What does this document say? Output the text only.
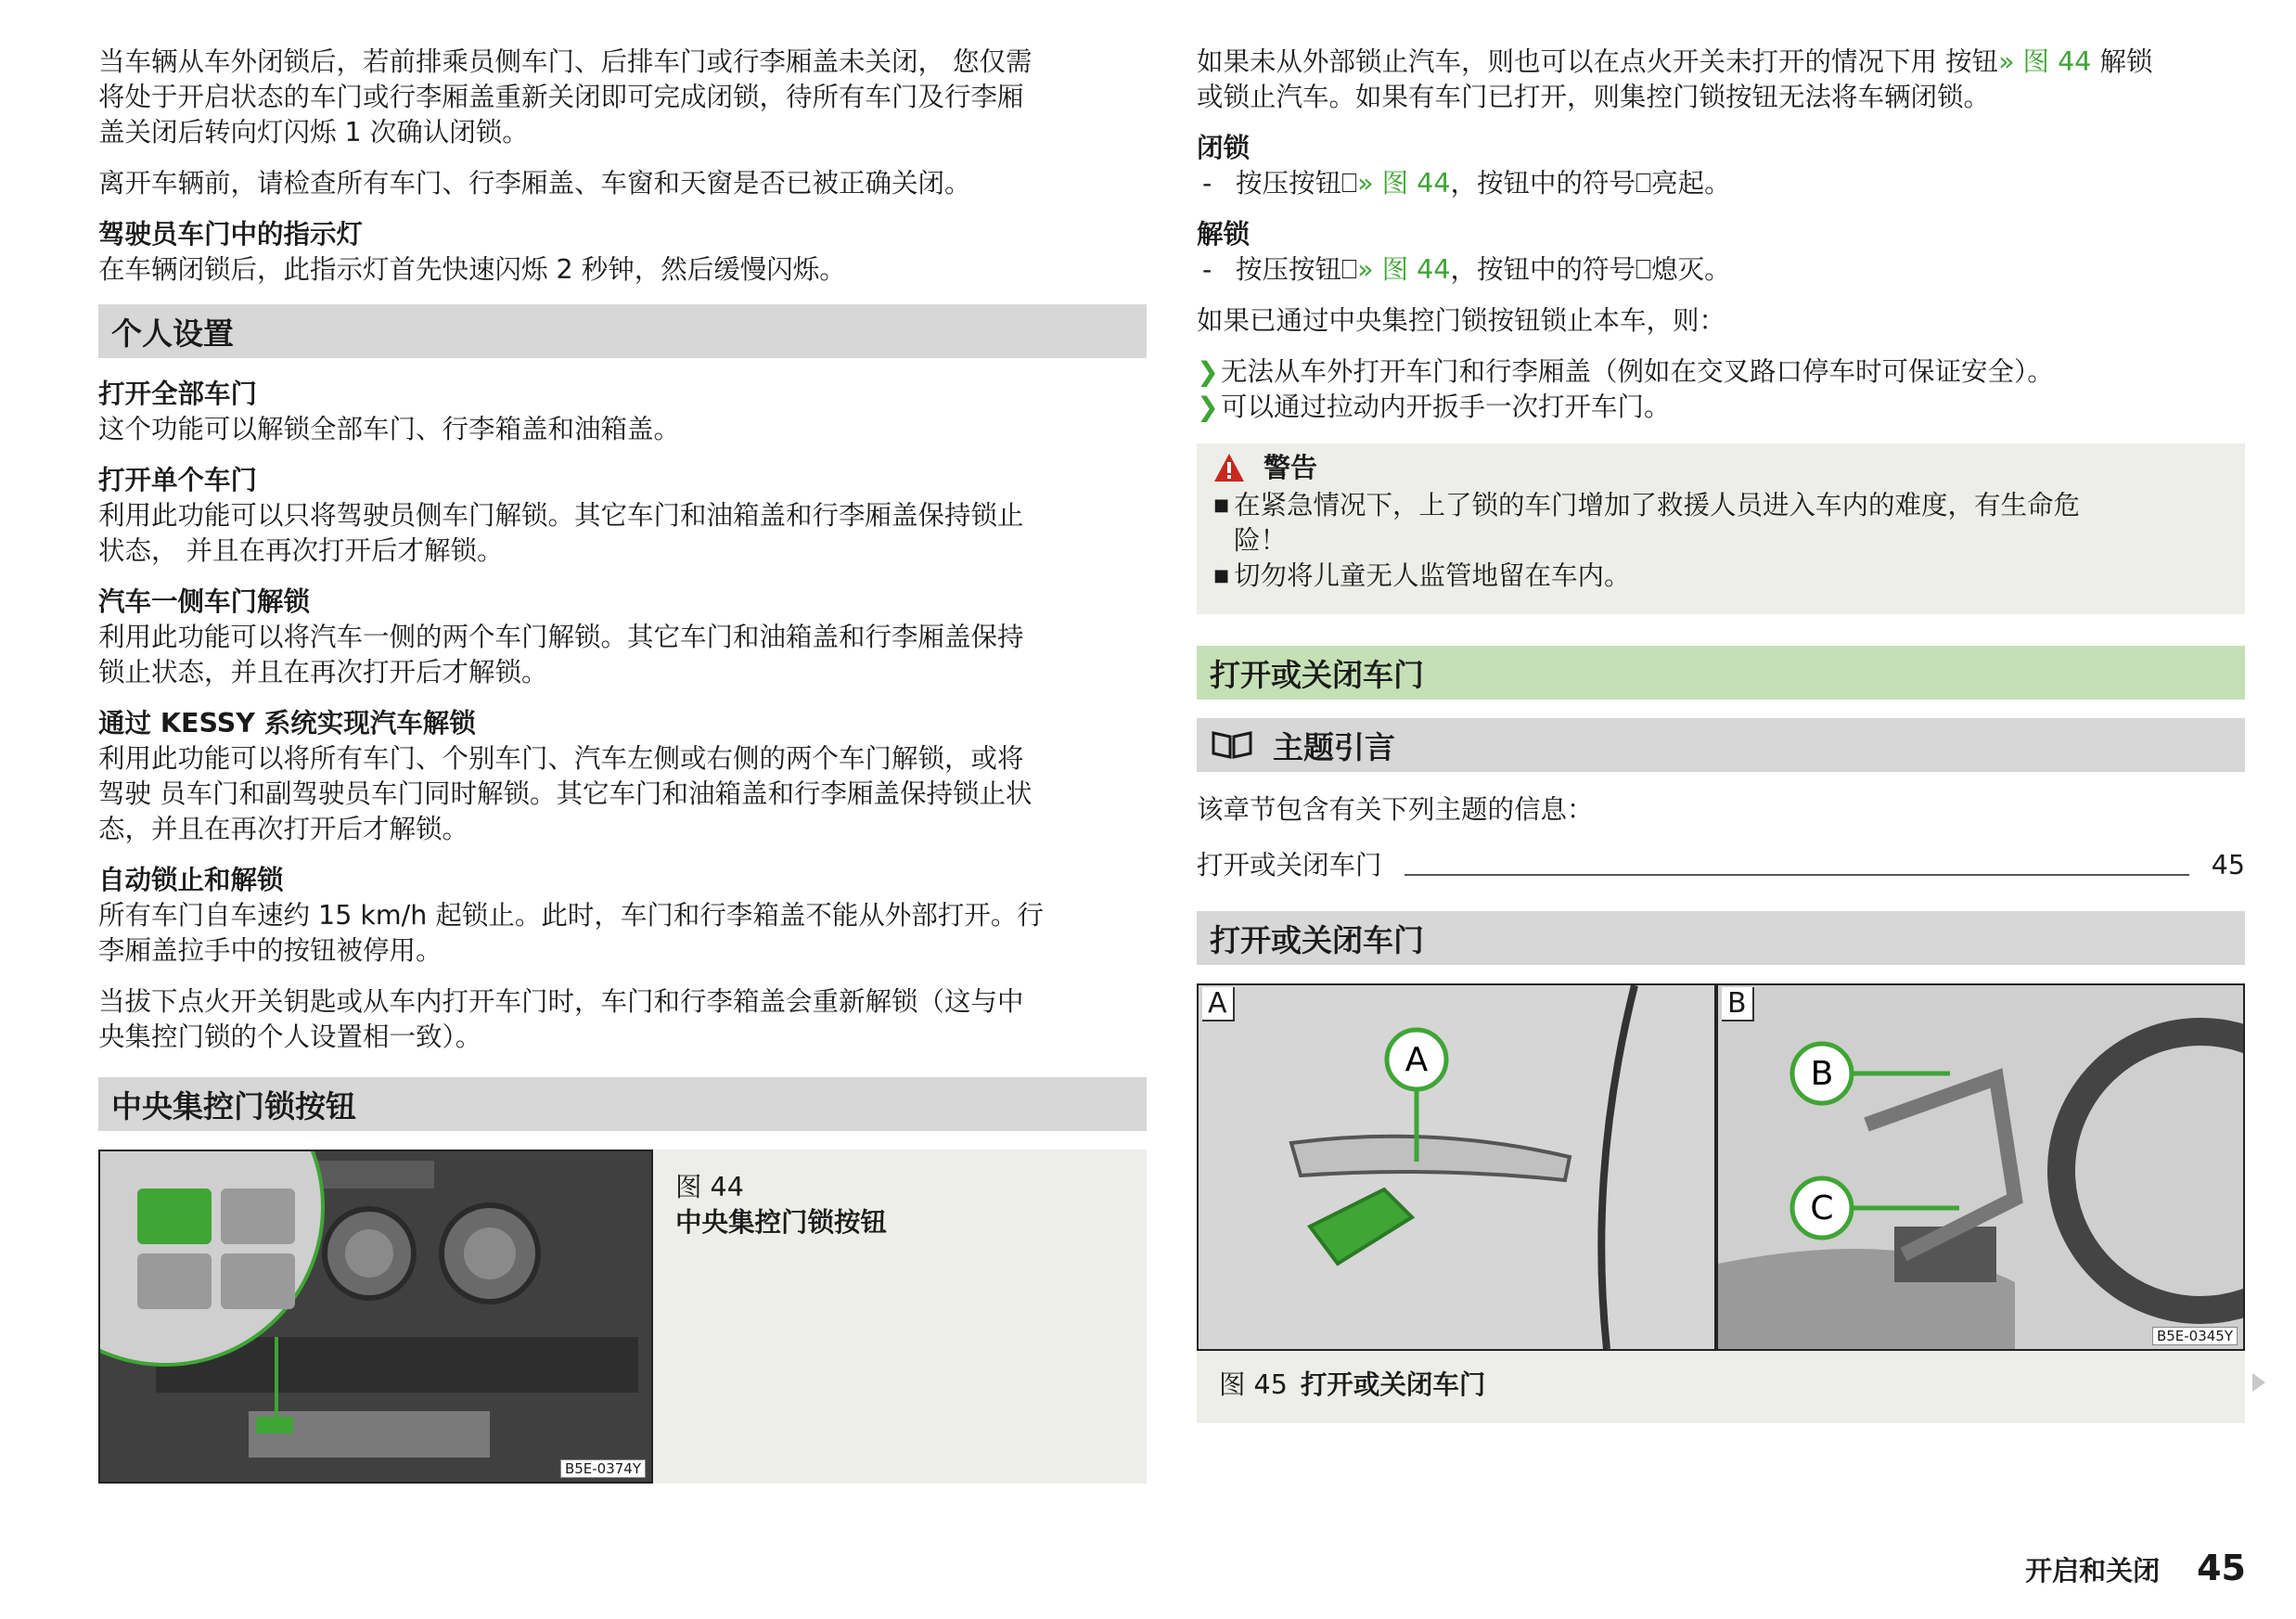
当车辆从车外闭锁后，若前排乘员侧车门、后排车门或行李厢盖未关闭， 您仅需
将处于开启状态的车门或行李厢盖重新关闭即可完成闭锁，待所有车门及行李厢
盖关闭后转向灯闪烁 1 次确认闭锁。
离开车辆前，请检查所有车门、行李厢盖、车窗和天窗是否已被正确关闭。
驾驶员车门中的指示灯
在车辆闭锁后，此指示灯首先快速闪烁 2 秒钟，然后缓慢闪烁。
个人设置
打开全部车门
这个功能可以解锁全部车门、行李箱盖和油箱盖。
打开单个车门
利用此功能可以只将驾驶员侧车门解锁。其它车门和油箱盖和行李厢盖保持锁止
状态， 并且在再次打开后才解锁。
汽车一侧车门解锁
利用此功能可以将汽车一侧的两个车门解锁。其它车门和油箱盖和行李厢盖保持
锁止状态，并且在再次打开后才解锁。
通过 KESSY 系统实现汽车解锁
利用此功能可以将所有车门、个别车门、汽车左侧或右侧的两个车门解锁，或将
驾驶 员车门和副驾驶员车门同时解锁。其它车门和油箱盖和行李厢盖保持锁止状
态，并且在再次打开后才解锁。
自动锁止和解锁
所有车门自车速约 15 km/h 起锁止。此时，车门和行李箱盖不能从外部打开。行
李厢盖拉手中的按钮被停用。
当拔下点火开关钥匙或从车内打开车门时，车门和行李箱盖会重新解锁（这与中
央集控门锁的个人设置相一致）。
中央集控门锁按钮
B5E-0374Y
图 44
中央集控门锁按钮
如果未从外部锁止汽车，则也可以在点火开关未打开的情况下用 按钮» 图 44 解锁
或锁止汽车。如果有车门已打开，则集控门锁按钮无法将车辆闭锁。
闭锁
- 按压按钮⎕» 图 44，按钮中的符号⎕亮起。
解锁
- 按压按钮⎕» 图 44，按钮中的符号⎕熄灭。
如果已通过中央集控门锁按钮锁止本车，则：
❯ 无法从车外打开车门和行李厢盖（例如在交叉路口停车时可保证安全）。
❯ 可以通过拉动内开扳手一次打开车门。
警告
■ 在紧急情况下，上了锁的车门增加了救援人员进入车内的难度，有生命危
险！
■ 切勿将儿童无人监管地留在车内。
打开或关闭车门
主题引言
该章节包含有关下列主题的信息：
打开或关闭车门	45
打开或关闭车门
A
A
B
C
B
B5E-0345Y
图 45 打开或关闭车门
开启和关闭 45
